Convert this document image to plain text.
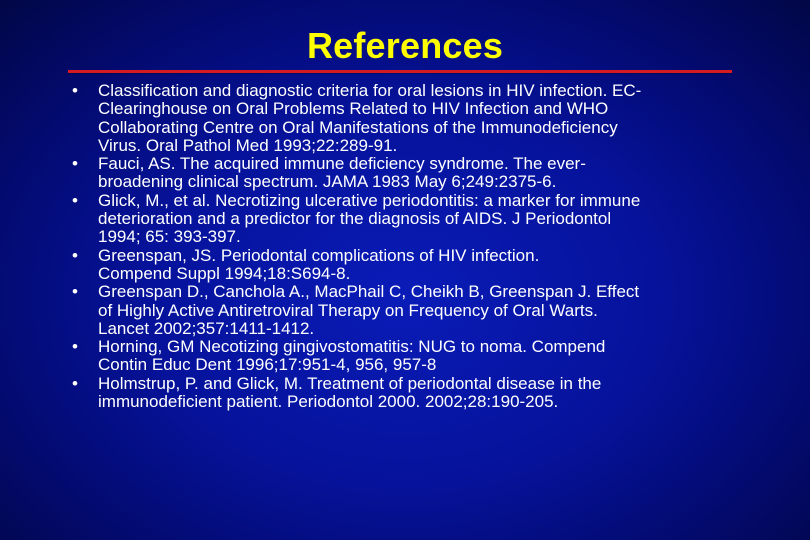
References
•	Classification and diagnostic criteria for oral lesions in HIV infection. EC-
Clearinghouse on Oral Problems Related to HIV Infection and WHO
Collaborating Centre on Oral Manifestations of the Immunodeficiency
Virus. Oral Pathol Med 1993;22:289-91.
•	Fauci, AS. The acquired immune deficiency syndrome. The ever-
broadening clinical spectrum. JAMA 1983 May 6;249:2375-6.
•	Glick, M., et al. Necrotizing ulcerative periodontitis: a marker for immune
deterioration and a predictor for the diagnosis of AIDS. J Periodontol
1994; 65: 393-397.
•	Greenspan, JS. Periodontal complications of HIV infection.
Compend Suppl 1994;18:S694-8.
•	Greenspan D., Canchola A., MacPhail C, Cheikh B, Greenspan J. Effect
of Highly Active Antiretroviral Therapy on Frequency of Oral Warts.
Lancet 2002;357:1411-1412.
•	Horning, GM Necotizing gingivostomatitis: NUG to noma. Compend
Contin Educ Dent 1996;17:951-4, 956, 957-8
•	Holmstrup, P. and Glick, M. Treatment of periodontal disease in the
immunodeficient patient. Periodontol 2000. 2002;28:190-205.
